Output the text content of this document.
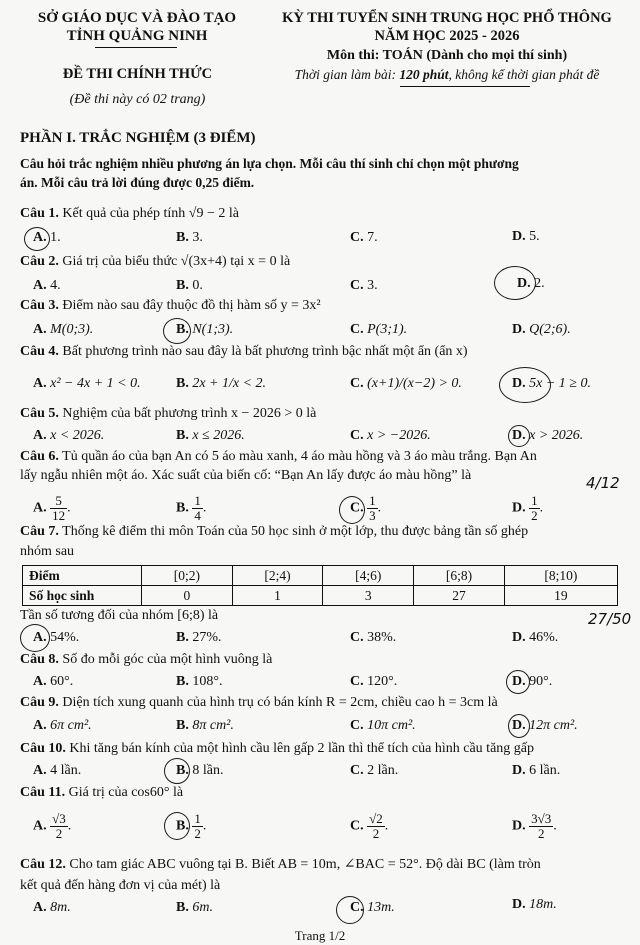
SỞ GIÁO DỤC VÀ ĐÀO TẠO
TỈNH QUẢNG NINH
ĐỀ THI CHÍNH THỨC
(Đề thi này có 02 trang)
KỲ THI TUYỂN SINH TRUNG HỌC PHỔ THÔNG
NĂM HỌC 2025 - 2026
Môn thi: TOÁN (Dành cho mọi thí sinh)
Thời gian làm bài: 120 phút, không kể thời gian phát đề
PHẦN I. TRẮC NGHIỆM (3 ĐIỂM)
Câu hỏi trắc nghiệm nhiều phương án lựa chọn. Mỗi câu thí sinh chỉ chọn một phương
án. Mỗi câu trả lời đúng được 0,25 điểm.
Câu 1. Kết quả của phép tính √9 − 2 là
A. 1.	B. 3.	C. 7.	D. 5.
Câu 2. Giá trị của biểu thức √(3x+4) tại x = 0 là
A. 4.	B. 0.	C. 3.	D. 2.
Câu 3. Điểm nào sau đây thuộc đồ thị hàm số y = 3x²
A. M(0;3).	B. N(1;3).	C. P(3;1).	D. Q(2;6).
Câu 4. Bất phương trình nào sau đây là bất phương trình bậc nhất một ẩn (ẩn x)
A. x² − 4x + 1 < 0.	B. 2x + 1/x < 2.	C. (x+1)/(x−2) > 0.	D. 5x − 1 ≥ 0.
Câu 5. Nghiệm của bất phương trình x − 2026 > 0 là
A. x < 2026.	B. x ≤ 2026.	C. x > −2026.	D. x > 2026.
Câu 6. Tủ quần áo của bạn An có 5 áo màu xanh, 4 áo màu hồng và 3 áo màu trắng. Bạn An
lấy ngẫu nhiên một áo. Xác suất của biến cố: “Bạn An lấy được áo màu hồng” là	4/12
A. $\frac{5}{12}$ .	B. $\frac{1}{4}$ .	C. $\frac{1}{3}$ .	D. $\frac{1}{2}$ .
Câu 7. Thống kê điểm thi môn Toán của 50 học sinh ở một lớp, thu được bảng tần số ghép
nhóm sau
Điểm	[0;2)	[2;4)	[4;6)	[6;8)	[8;10)
Số học sinh	0	1	3	27	19
Tần số tương đối của nhóm [6;8) là	27/50
A. 54%.	B. 27%.	C. 38%.	D. 46%.
Câu 8. Số đo mỗi góc của một hình vuông là
A. 60°.	B. 108°.	C. 120°.	D. 90°.
Câu 9. Diện tích xung quanh của hình trụ có bán kính R = 2cm, chiều cao h = 3cm là
A. 6π cm².	B. 8π cm².	C. 10π cm².	D. 12π cm².
Câu 10. Khi tăng bán kính của một hình cầu lên gấp 2 lần thì thể tích của hình cầu tăng gấp
A. 4 lần.	B. 8 lần.	C. 2 lần.	D. 6 lần.
Câu 11. Giá trị của cos60° là
A. $\frac{√3}{2}$ .	B. $\frac{1}{2}$ .	C. $\frac{√2}{2}$ .	D. $\frac{3√3}{2}$ .
Câu 12. Cho tam giác ABC vuông tại B. Biết AB = 10m, ∠BAC = 52°. Độ dài BC (làm tròn
kết quả đến hàng đơn vị của mét) là
A. 8m.	B. 6m.	C. 13m.	D. 18m.
Trang 1/2
